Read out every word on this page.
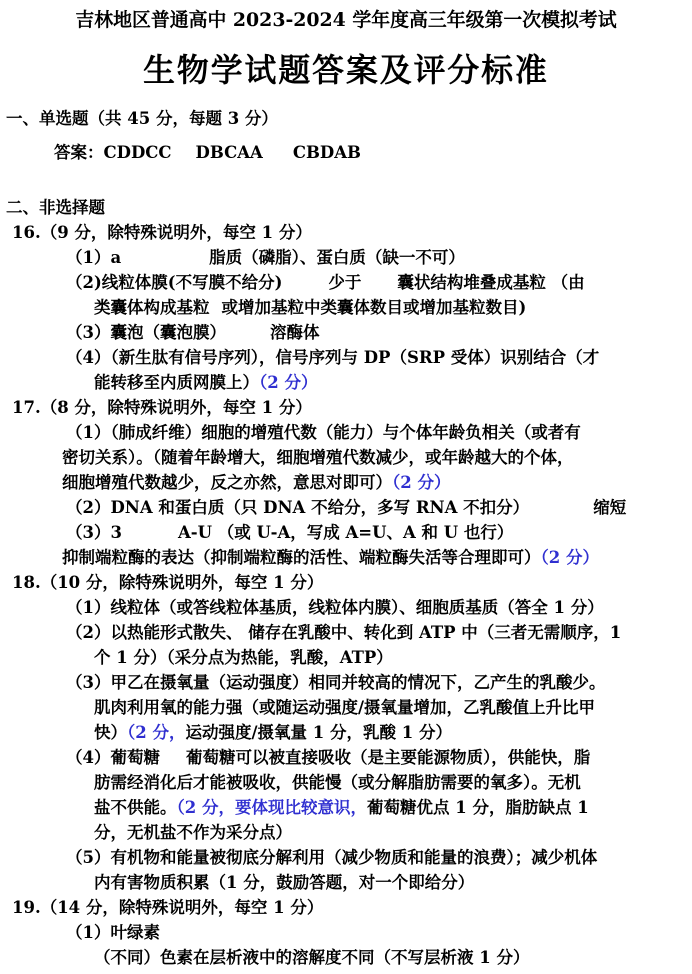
吉林地区普通高中 2023-2024 学年度高三年级第一次模拟考试
生物学试题答案及评分标准
一、单选题（共 45 分，每题 3 分）
答案：CDDCC DBCAA CBDAB
二、非选择题
16.（9 分，除特殊说明外，每空 1 分）
（1）a	脂质（磷脂）、蛋白质（缺一不可）
（2)线粒体膜(不写膜不给分)	少于 囊状结构堆叠成基粒 （由
类囊体构成基粒 或增加基粒中类囊体数目或增加基粒数目)
（3）囊泡（囊泡膜）	溶酶体
（4）（新生肽有信号序列），信号序列与 DP（SRP 受体）识别结合（才
能转移至内质网膜上）（2 分）
17.（8 分，除特殊说明外，每空 1 分）
（1）（肺成纤维）细胞的增殖代数（能力）与个体年龄负相关（或者有
密切关系）。（随着年龄增大，细胞增殖代数减少，或年龄越大的个体，
细胞增殖代数越少，反之亦然，意思对即可）（2 分）
（2）DNA 和蛋白质（只 DNA 不给分，多写 RNA 不扣分）	缩短
（3）3	A-U （或 U-A，写成 A=U、A 和 U 也行）
抑制端粒酶的表达（抑制端粒酶的活性、端粒酶失活等合理即可）（2 分）
18.（10 分，除特殊说明外，每空 1 分）
（1）线粒体（或答线粒体基质，线粒体内膜）、细胞质基质（答全 1 分）
（2）以热能形式散失、 储存在乳酸中、转化到 ATP 中（三者无需顺序，1
个 1 分）（采分点为热能，乳酸，ATP）
（3）甲乙在摄氧量（运动强度）相同并较高的情况下，乙产生的乳酸少。
肌肉利用氧的能力强（或随运动强度/摄氧量增加，乙乳酸值上升比甲
快）（2 分，运动强度/摄氧量 1 分，乳酸 1 分）
（4）葡萄糖 葡萄糖可以被直接吸收（是主要能源物质），供能快，脂
肪需经消化后才能被吸收，供能慢（或分解脂肪需要的氧多）。无机
盐不供能。（2 分，要体现比较意识，葡萄糖优点 1 分，脂肪缺点 1
分，无机盐不作为采分点）
（5）有机物和能量被彻底分解利用（减少物质和能量的浪费）；减少机体
内有害物质积累（1 分，鼓励答题，对一个即给分）
19.（14 分，除特殊说明外，每空 1 分）
（1）叶绿素
（不同）色素在层析液中的溶解度不同（不写层析液 1 分）
